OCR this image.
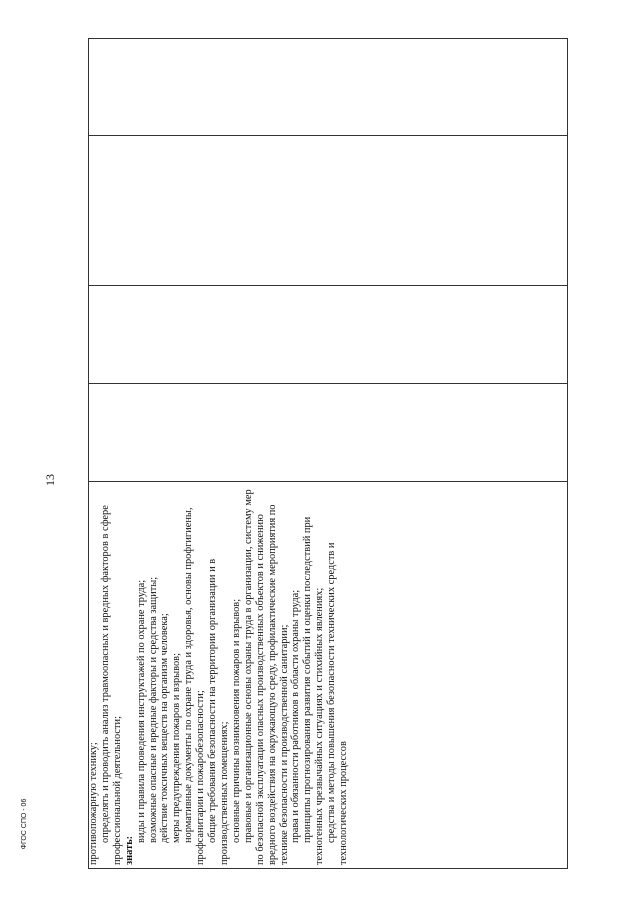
13
ФГОС СПО - 06	противопожарную технику; определять и проводить анализ травмоопасных и вредных факторов в сфере профессиональной деятельности; знать:

виды и правила проведения инструктажей по охране труда; возможные опасные и вредные факторы и средства защиты; действие токсичных веществ на организм человека; меры предупреждения пожаров и взрывов; нормативные документы по охране труда и здоровья, основы профгигиены, профсанитарии и пожаробезопасности; общие требования безопасности на территории организации и в производственных помещениях; основные причины возникновения пожаров и взрывов; правовые и организационные основы охраны труда в организации, систему мер по безопасной эксплуатации опасных производственных объектов и снижению вредного воздействия на окружающую среду, профилактические мероприятия по технике безопасности и производственной санитарии; права и обязанности работников в области охраны труда; принципы прогнозирования развития событий и оценки последствий при техногенных чрезвычайных ситуациях и стихийных явлениях; средства и методы повышения безопасности технических средств и технологических процессов
